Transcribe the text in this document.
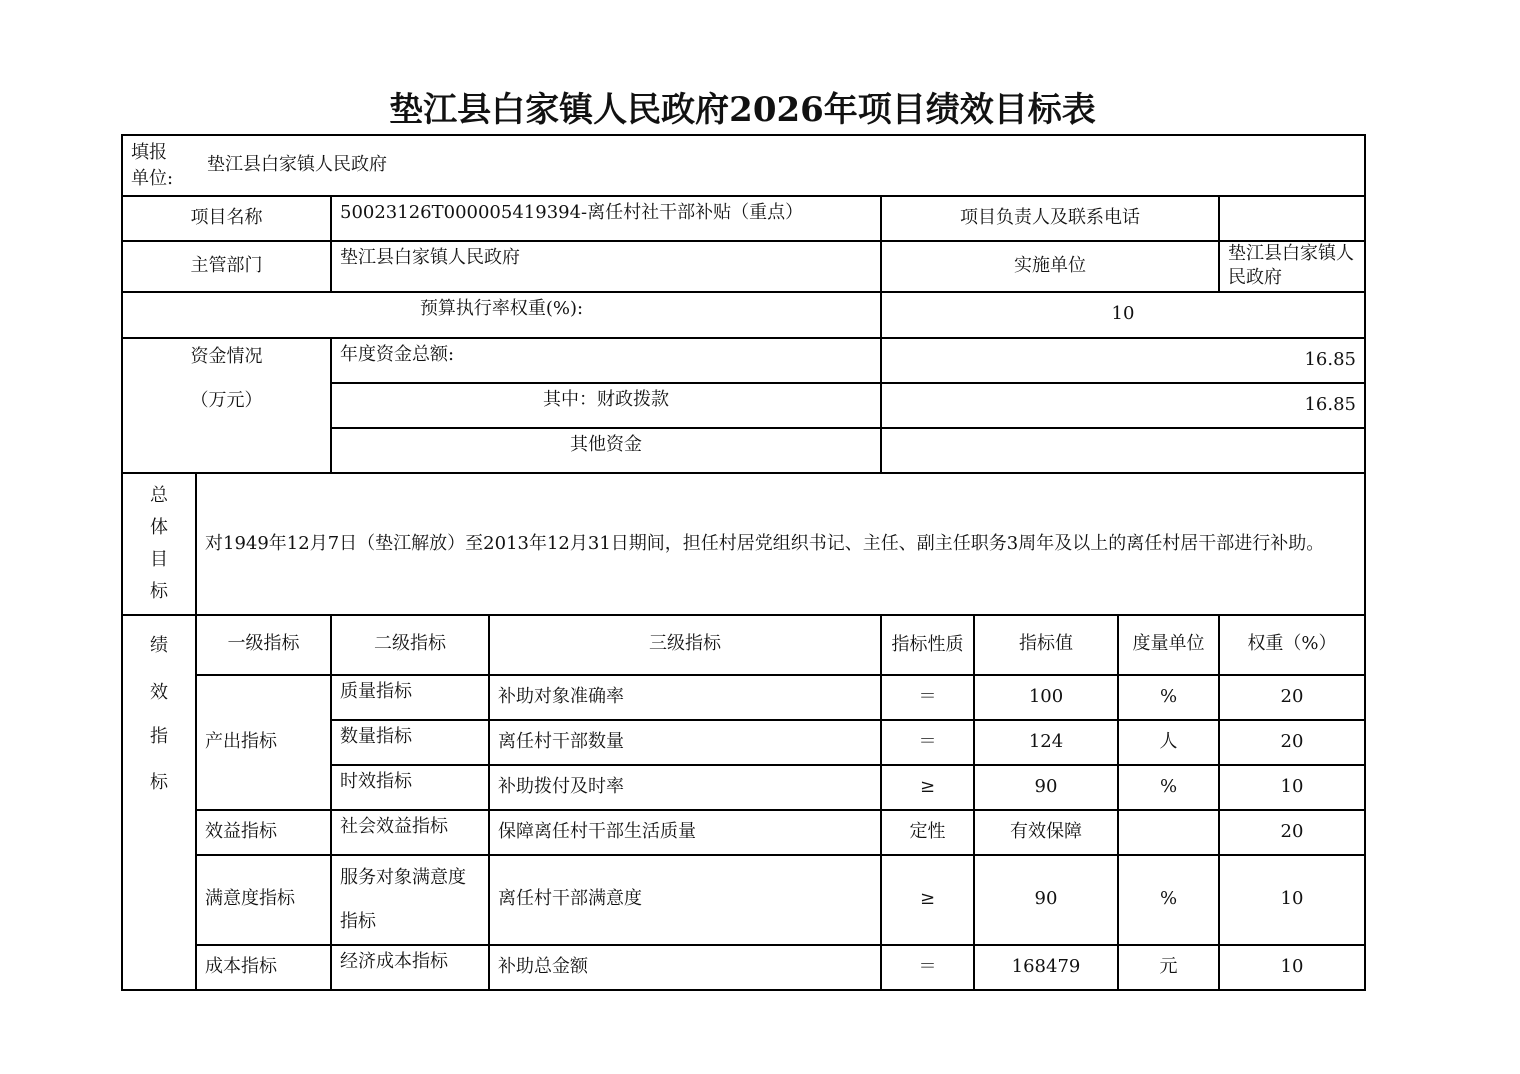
垫江县白家镇人民政府2026年项目绩效目标表
填报
单位:
垫江县白家镇人民政府							

项目名称		50023126T000005419394-离任村社干部补贴（重点）		项目负责人及联系电话			
主管部门		垫江县白家镇人民政府		实施单位			垫江县白家镇人民政府
预算执行率权重(%):				10			

资金情况
（万元）		年度资金总额:		16.85			
		其中：财政拨款		16.85			
		其他资金					

总
体
目
标	对1949年12月7日（垫江解放）至2013年12月31日期间，担任村居党组织书记、主任、副主任职务3周年及以上的离任村居干部进行补助。						

绩
效
指
标	一级指标	二级指标	三级指标	指标性质	指标值	度量单位	权重（%）
	产出指标	质量指标	补助对象准确率	＝	100	%	20
		数量指标	离任村干部数量	＝	124	人	20
		时效指标	补助拨付及时率	≥	90	%	10
	效益指标	社会效益指标	保障离任村干部生活质量	定性	有效保障		20
	满意度指标	服务对象满意度指标	离任村干部满意度	≥	90	%	10
	成本指标	经济成本指标	补助总金额	＝	168479	元	10
